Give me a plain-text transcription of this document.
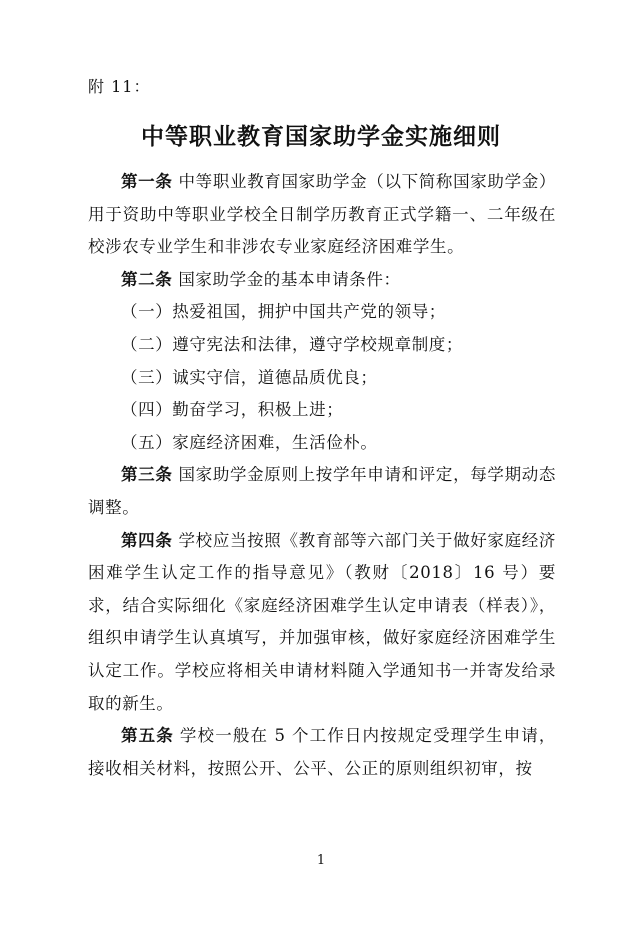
附 11：
中等职业教育国家助学金实施细则

第一条 中等职业教育国家助学金（以下简称国家助学金）用于资助中等职业学校全日制学历教育正式学籍一、二年级在校涉农专业学生和非涉农专业家庭经济困难学生。

第二条 国家助学金的基本申请条件：

（一）热爱祖国，拥护中国共产党的领导；

（二）遵守宪法和法律，遵守学校规章制度；

（三）诚实守信，道德品质优良；

（四）勤奋学习，积极上进；

（五）家庭经济困难，生活俭朴。

第三条 国家助学金原则上按学年申请和评定，每学期动态调整。

第四条 学校应当按照《教育部等六部门关于做好家庭经济困难学生认定工作的指导意见》（教财〔2018〕16 号）要求，结合实际细化《家庭经济困难学生认定申请表（样表）》，组织申请学生认真填写，并加强审核，做好家庭经济困难学生认定工作。学校应将相关申请材料随入学通知书一并寄发给录取的新生。

第五条 学校一般在 5 个工作日内按规定受理学生申请，接收相关材料，按照公开、公平、公正的原则组织初审，按

1
